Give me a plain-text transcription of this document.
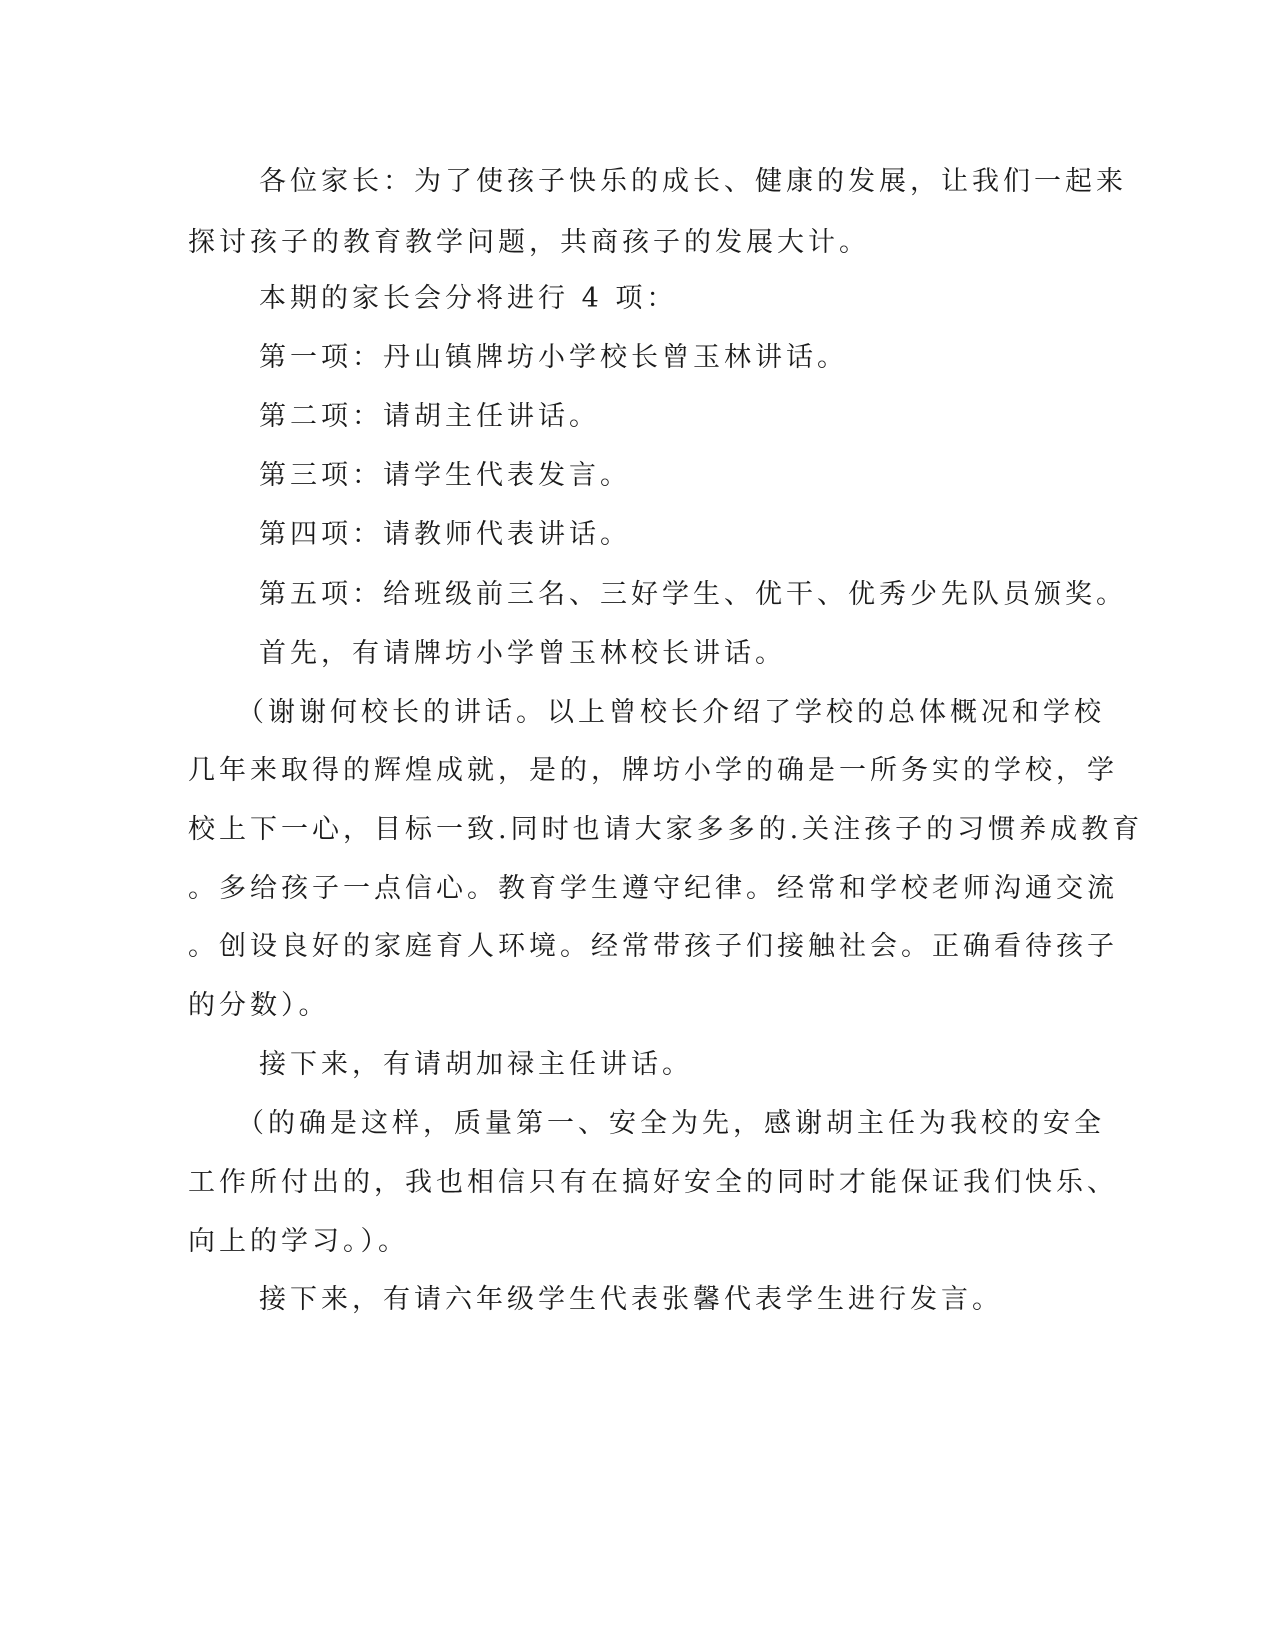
各位家长：为了使孩子快乐的成长、健康的发展，让我们一起来
探讨孩子的教育教学问题，共商孩子的发展大计。
本期的家长会分将进行 4 项：
第一项：丹山镇牌坊小学校长曾玉林讲话。
第二项：请胡主任讲话。
第三项：请学生代表发言。
第四项：请教师代表讲话。
第五项：给班级前三名、三好学生、优干、优秀少先队员颁奖。
首先，有请牌坊小学曾玉林校长讲话。
（谢谢何校长的讲话。以上曾校长介绍了学校的总体概况和学校
几年来取得的辉煌成就，是的，牌坊小学的确是一所务实的学校，学
校上下一心，目标一致.同时也请大家多多的.关注孩子的习惯养成教育
。多给孩子一点信心。教育学生遵守纪律。经常和学校老师沟通交流
。创设良好的家庭育人环境。经常带孩子们接触社会。正确看待孩子
的分数）。
接下来，有请胡加禄主任讲话。
（的确是这样，质量第一、安全为先，感谢胡主任为我校的安全
工作所付出的，我也相信只有在搞好安全的同时才能保证我们快乐、
向上的学习。）。
接下来，有请六年级学生代表张馨代表学生进行发言。
